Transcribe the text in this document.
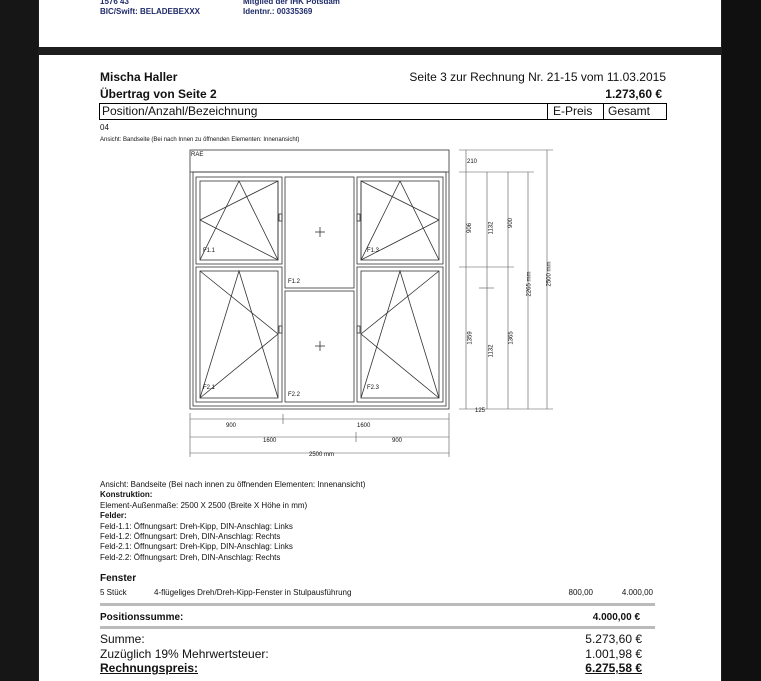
1576 43
BIC/Swift: BELADEBEXXX
Mitglied der IHK Potsdam
Identnr.: 00335369
Mischa Haller	Seite 3 zur Rechnung Nr. 21-15 vom 11.03.2015
Übertrag von Seite 2	1.273,60 €
Position/Anzahl/Bezeichnung	E-Preis Gesamt
04
Ansicht: Bandseite (Bei nach Innen zu öffnenden Elementen: Innenansicht)
RAE
F1.1
F1.2
F1.3
F2.1
F2.2
F2.3
210
906	1132 900
1359
1132
1365
2265 mm 2500 mm
125
900
1600
1600
900
2500 mm
Ansicht: Bandseite (Bei nach innen zu öffnenden Elementen: Innenansicht)
Konstruktion:
Element-Außenmaße: 2500 X 2500 (Breite X Höhe in mm)
Felder:
Feld-1.1: Öffnungsart: Dreh-Kipp, DIN-Anschlag: Links
Feld-1.2: Öffnungsart: Dreh, DIN-Anschlag: Rechts
Feld-2.1: Öffnungsart: Dreh-Kipp, DIN-Anschlag: Links
Feld-2.2: Öffnungsart: Dreh, DIN-Anschlag: Rechts
Fenster
5 Stück	4-flügeliges Dreh/Dreh-Kipp-Fenster in Stulpausführung	800,00	4.000,00
Positionssumme:	4.000,00 €
Summe:	5.273,60 €
Zuzüglich 19% Mehrwertsteuer:	1.001,98 €
Rechnungspreis:	6.275,58 €
